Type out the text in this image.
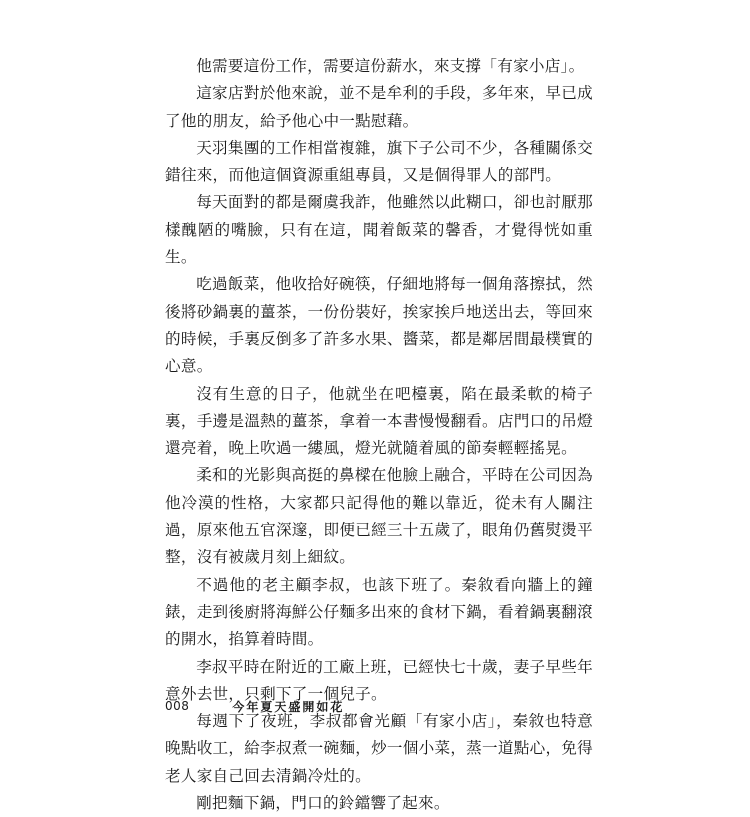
他需要這份工作，需要這份薪水，來支撐「有家小店」。

這家店對於他來說，並不是牟利的手段，多年來，早已成了他的朋友，給予他心中一點慰藉。

天羽集團的工作相當複雜，旗下子公司不少，各種關係交錯往來，而他這個資源重組專員，又是個得罪人的部門。

每天面對的都是爾虞我詐，他雖然以此糊口，卻也討厭那樣醜陋的嘴臉，只有在這，聞着飯菜的馨香，才覺得恍如重生。

吃過飯菜，他收拾好碗筷，仔細地將每一個角落擦拭，然後將砂鍋裏的薑茶，一份份裝好，挨家挨戶地送出去，等回來的時候，手裏反倒多了許多水果、醬菜，都是鄰居間最樸實的心意。

沒有生意的日子，他就坐在吧檯裏，陷在最柔軟的椅子裏，手邊是溫熱的薑茶，拿着一本書慢慢翻看。店門口的吊燈還亮着，晚上吹過一縷風，燈光就隨着風的節奏輕輕搖晃。

柔和的光影與高挺的鼻樑在他臉上融合，平時在公司因為他冷漠的性格，大家都只記得他的難以靠近，從未有人關注過，原來他五官深邃，即便已經三十五歲了，眼角仍舊熨燙平整，沒有被歲月刻上細紋。

不過他的老主顧李叔，也該下班了。秦敘看向牆上的鐘錶，走到後廚將海鮮公仔麵多出來的食材下鍋，看着鍋裏翻滾的開水，掐算着時間。

李叔平時在附近的工廠上班，已經快七十歲，妻子早些年意外去世，只剩下了一個兒子。

每週下了夜班，李叔都會光顧「有家小店」，秦敘也特意晚點收工，給李叔煮一碗麵，炒一個小菜，蒸一道點心，免得老人家自己回去清鍋冷灶的。

剛把麵下鍋，門口的鈴鐺響了起來。

008	今年夏天盛開如花
